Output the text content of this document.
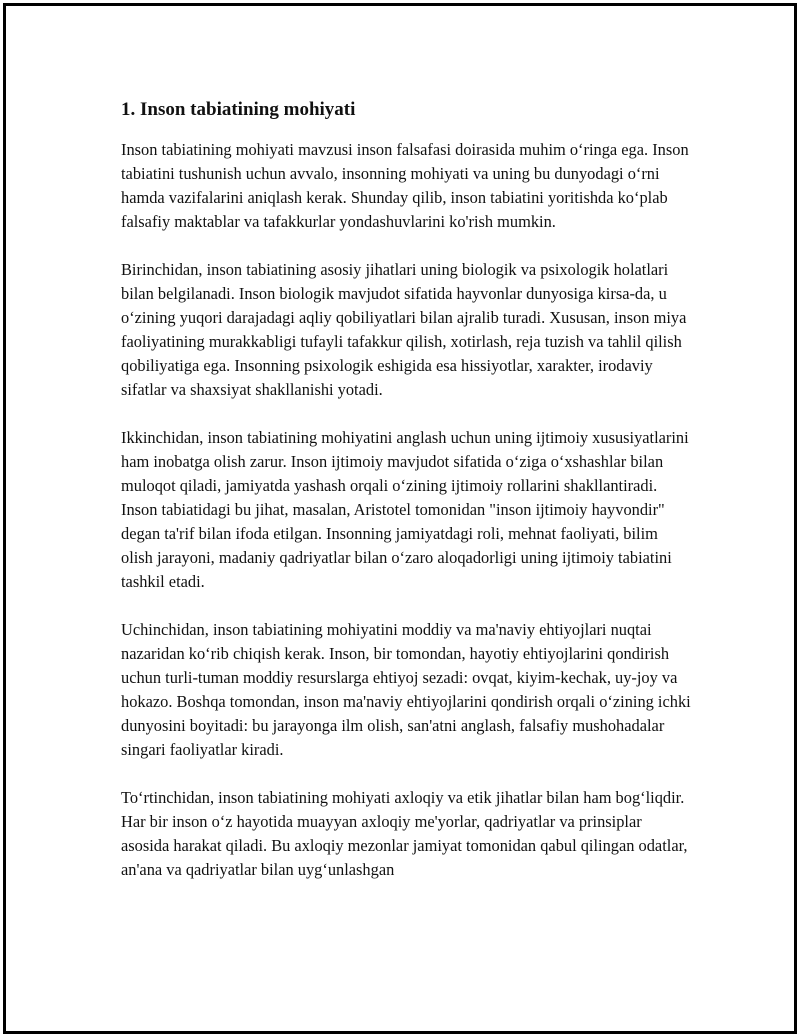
1. Inson tabiatining mohiyati

Inson tabiatining mohiyati mavzusi inson falsafasi doirasida muhim o‘ringa ega. Inson tabiatini tushunish uchun avvalo, insonning mohiyati va uning bu dunyodagi o‘rni hamda vazifalarini aniqlash kerak. Shunday qilib, inson tabiatini yoritishda ko‘plab falsafiy maktablar va tafakkurlar yondashuvlarini ko'rish mumkin.

Birinchidan, inson tabiatining asosiy jihatlari uning biologik va psixologik holatlari bilan belgilanadi. Inson biologik mavjudot sifatida hayvonlar dunyosiga kirsa-da, u o‘zining yuqori darajadagi aqliy qobiliyatlari bilan ajralib turadi. Xususan, inson miya faoliyatining murakkabligi tufayli tafakkur qilish, xotirlash, reja tuzish va tahlil qilish qobiliyatiga ega. Insonning psixologik eshigida esa hissiyotlar, xarakter, irodaviy sifatlar va shaxsiyat shakllanishi yotadi.

Ikkinchidan, inson tabiatining mohiyatini anglash uchun uning ijtimoiy xususiyatlarini ham inobatga olish zarur. Inson ijtimoiy mavjudot sifatida o‘ziga o‘xshashlar bilan muloqot qiladi, jamiyatda yashash orqali o‘zining ijtimoiy rollarini shakllantiradi. Inson tabiatidagi bu jihat, masalan, Aristotel tomonidan "inson ijtimoiy hayvondir" degan ta'rif bilan ifoda etilgan. Insonning jamiyatdagi roli, mehnat faoliyati, bilim olish jarayoni, madaniy qadriyatlar bilan o‘zaro aloqadorligi uning ijtimoiy tabiatini tashkil etadi.

Uchinchidan, inson tabiatining mohiyatini moddiy va ma'naviy ehtiyojlari nuqtai nazaridan ko‘rib chiqish kerak. Inson, bir tomondan, hayotiy ehtiyojlarini qondirish uchun turli-tuman moddiy resurslarga ehtiyoj sezadi: ovqat, kiyim-kechak, uy-joy va hokazo. Boshqa tomondan, inson ma'naviy ehtiyojlarini qondirish orqali o‘zining ichki dunyosini boyitadi: bu jarayonga ilm olish, san'atni anglash, falsafiy mushohadalar singari faoliyatlar kiradi.

To‘rtinchidan, inson tabiatining mohiyati axloqiy va etik jihatlar bilan ham bog‘liqdir. Har bir inson o‘z hayotida muayyan axloqiy me'yorlar, qadriyatlar va prinsiplar asosida harakat qiladi. Bu axloqiy mezonlar jamiyat tomonidan qabul qilingan odatlar, an'ana va qadriyatlar bilan uyg‘unlashgan
